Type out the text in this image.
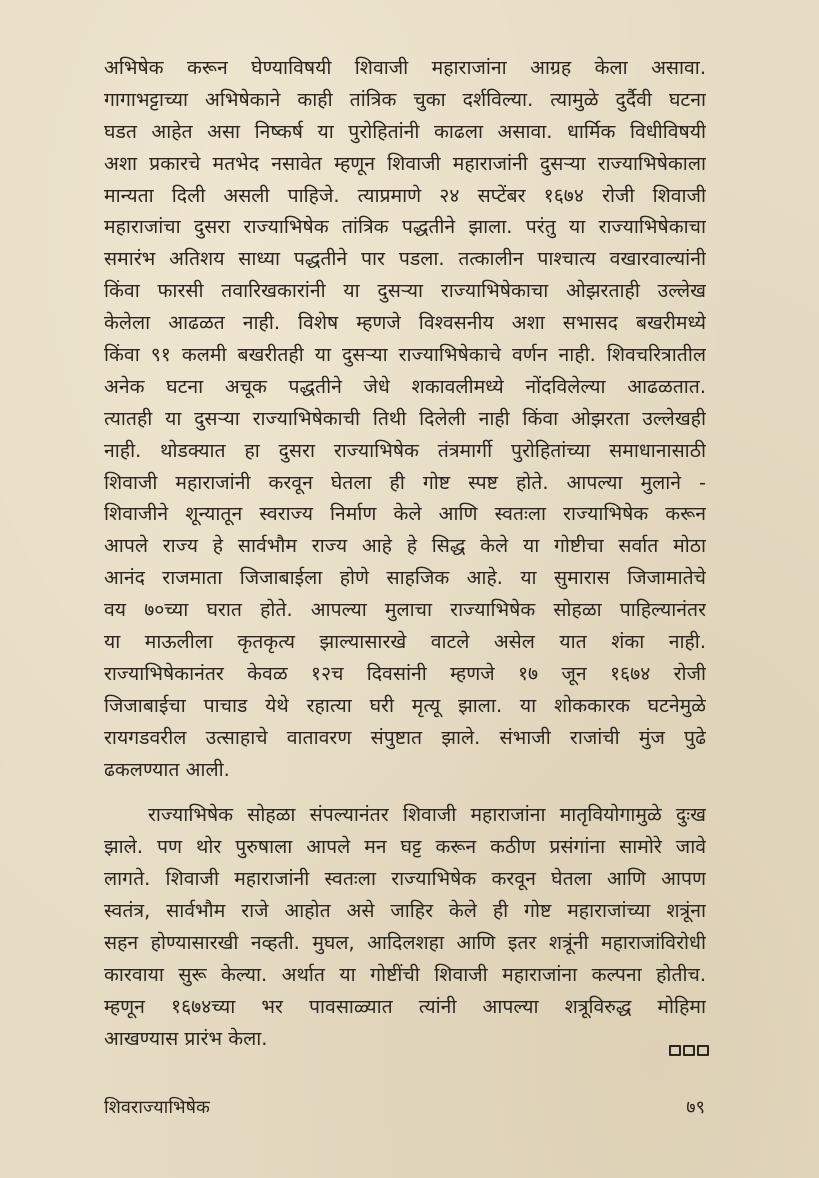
अभिषेक करून घेण्याविषयी शिवाजी महाराजांना आग्रह केला असावा.
गागाभट्टाच्या अभिषेकाने काही तांत्रिक चुका दर्शविल्या. त्यामुळे दुर्दैवी घटना
घडत आहेत असा निष्कर्ष या पुरोहितांनी काढला असावा. धार्मिक विधीविषयी
अशा प्रकारचे मतभेद नसावेत म्हणून शिवाजी महाराजांनी दुसऱ्या राज्याभिषेकाला
मान्यता दिली असली पाहिजे. त्याप्रमाणे २४ सप्टेंबर १६७४ रोजी शिवाजी
महाराजांचा दुसरा राज्याभिषेक तांत्रिक पद्धतीने झाला. परंतु या राज्याभिषेकाचा
समारंभ अतिशय साध्या पद्धतीने पार पडला. तत्कालीन पाश्चात्य वखारवाल्यांनी
किंवा फारसी तवारिखकारांनी या दुसऱ्या राज्याभिषेकाचा ओझरताही उल्लेख
केलेला आढळत नाही. विशेष म्हणजे विश्वसनीय अशा सभासद बखरीमध्ये
किंवा ९१ कलमी बखरीतही या दुसऱ्या राज्याभिषेकाचे वर्णन नाही. शिवचरित्रातील
अनेक घटना अचूक पद्धतीने जेधे शकावलीमध्ये नोंदविलेल्या आढळतात.
त्यातही या दुसऱ्या राज्याभिषेकाची तिथी दिलेली नाही किंवा ओझरता उल्लेखही
नाही. थोडक्यात हा दुसरा राज्याभिषेक तंत्रमार्गी पुरोहितांच्या समाधानासाठी
शिवाजी महाराजांनी करवून घेतला ही गोष्ट स्पष्ट होते. आपल्या मुलाने -
शिवाजीने शून्यातून स्वराज्य निर्माण केले आणि स्वतःला राज्याभिषेक करून
आपले राज्य हे सार्वभौम राज्य आहे हे सिद्ध केले या गोष्टीचा सर्वात मोठा
आनंद राजमाता जिजाबाईला होणे साहजिक आहे. या सुमारास जिजामातेचे
वय ७०च्या घरात होते. आपल्या मुलाचा राज्याभिषेक सोहळा पाहिल्यानंतर
या माऊलीला कृतकृत्य झाल्यासारखे वाटले असेल यात शंका नाही.
राज्याभिषेकानंतर केवळ १२च दिवसांनी म्हणजे १७ जून १६७४ रोजी
जिजाबाईचा पाचाड येथे रहात्या घरी मृत्यू झाला. या शोककारक घटनेमुळे
रायगडवरील उत्साहाचे वातावरण संपुष्टात झाले. संभाजी राजांची मुंज पुढे
ढकलण्यात आली.
राज्याभिषेक सोहळा संपल्यानंतर शिवाजी महाराजांना मातृवियोगामुळे दुःख
झाले. पण थोर पुरुषाला आपले मन घट्ट करून कठीण प्रसंगांना सामोरे जावे
लागते. शिवाजी महाराजांनी स्वतःला राज्याभिषेक करवून घेतला आणि आपण
स्वतंत्र, सार्वभौम राजे आहोत असे जाहिर केले ही गोष्ट महाराजांच्या शत्रूंना
सहन होण्यासारखी नव्हती. मुघल, आदिलशहा आणि इतर शत्रूंनी महाराजांविरोधी
कारवाया सुरू केल्या. अर्थात या गोष्टींची शिवाजी महाराजांना कल्पना होतीच.
म्हणून १६७४च्या भर पावसाळ्यात त्यांनी आपल्या शत्रूविरुद्ध मोहिमा
आखण्यास प्रारंभ केला.
शिवराज्याभिषेक	७९
